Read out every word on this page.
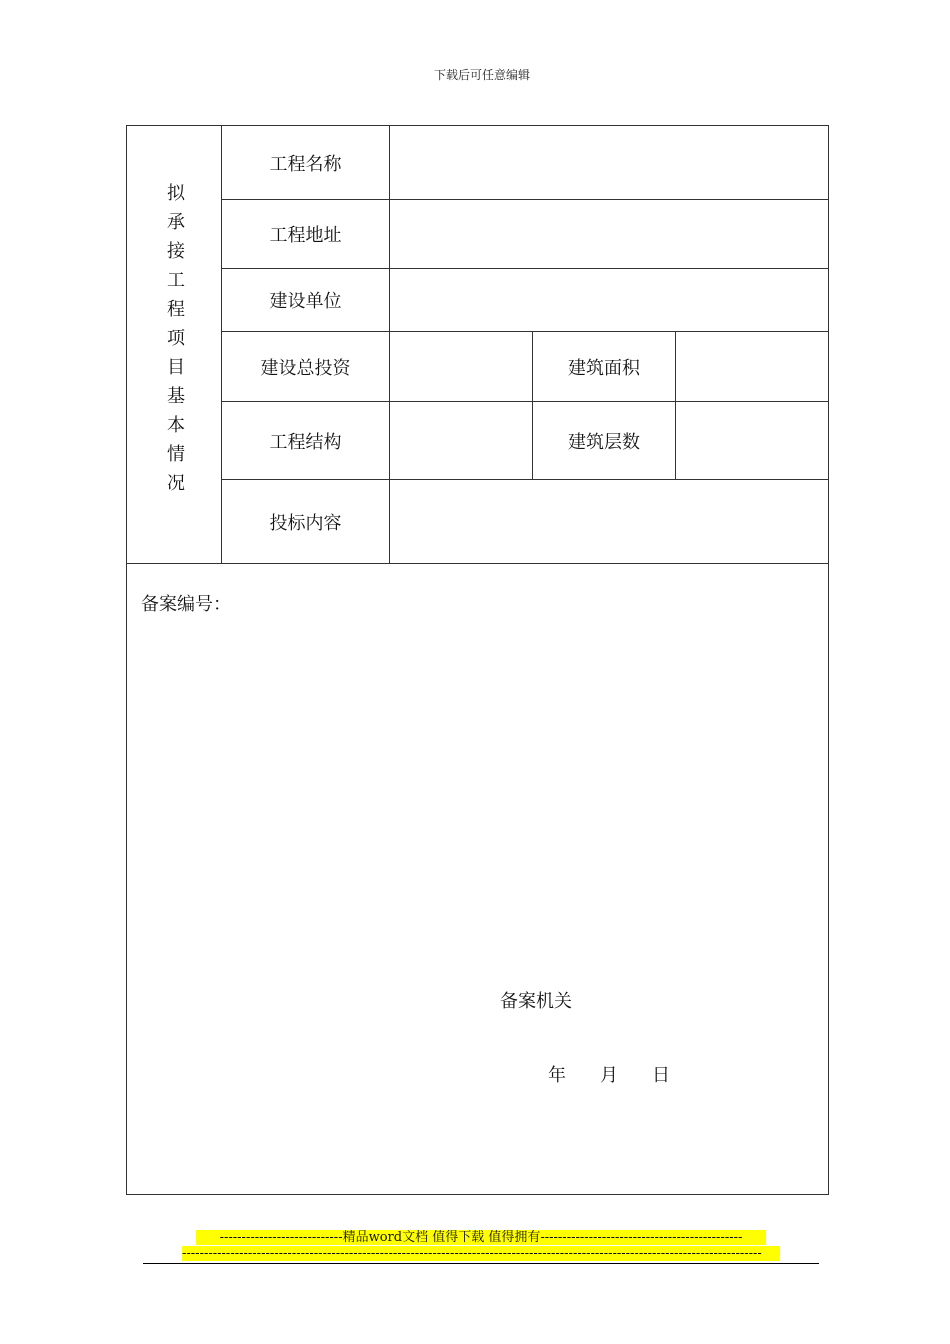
下载后可任意编辑
拟承接工程项目基本情况	工程名称			
	工程地址			
	建设单位			
	建设总投资		建筑面积	
	工程结构		建筑层数	
	投标内容			

备案编号：
备案机关
年 月 日				
----------------------------精品word文档 值得下载 值得拥有----------------------------------------------
------------------------------------------------------------------------------------------------------------------------------------
